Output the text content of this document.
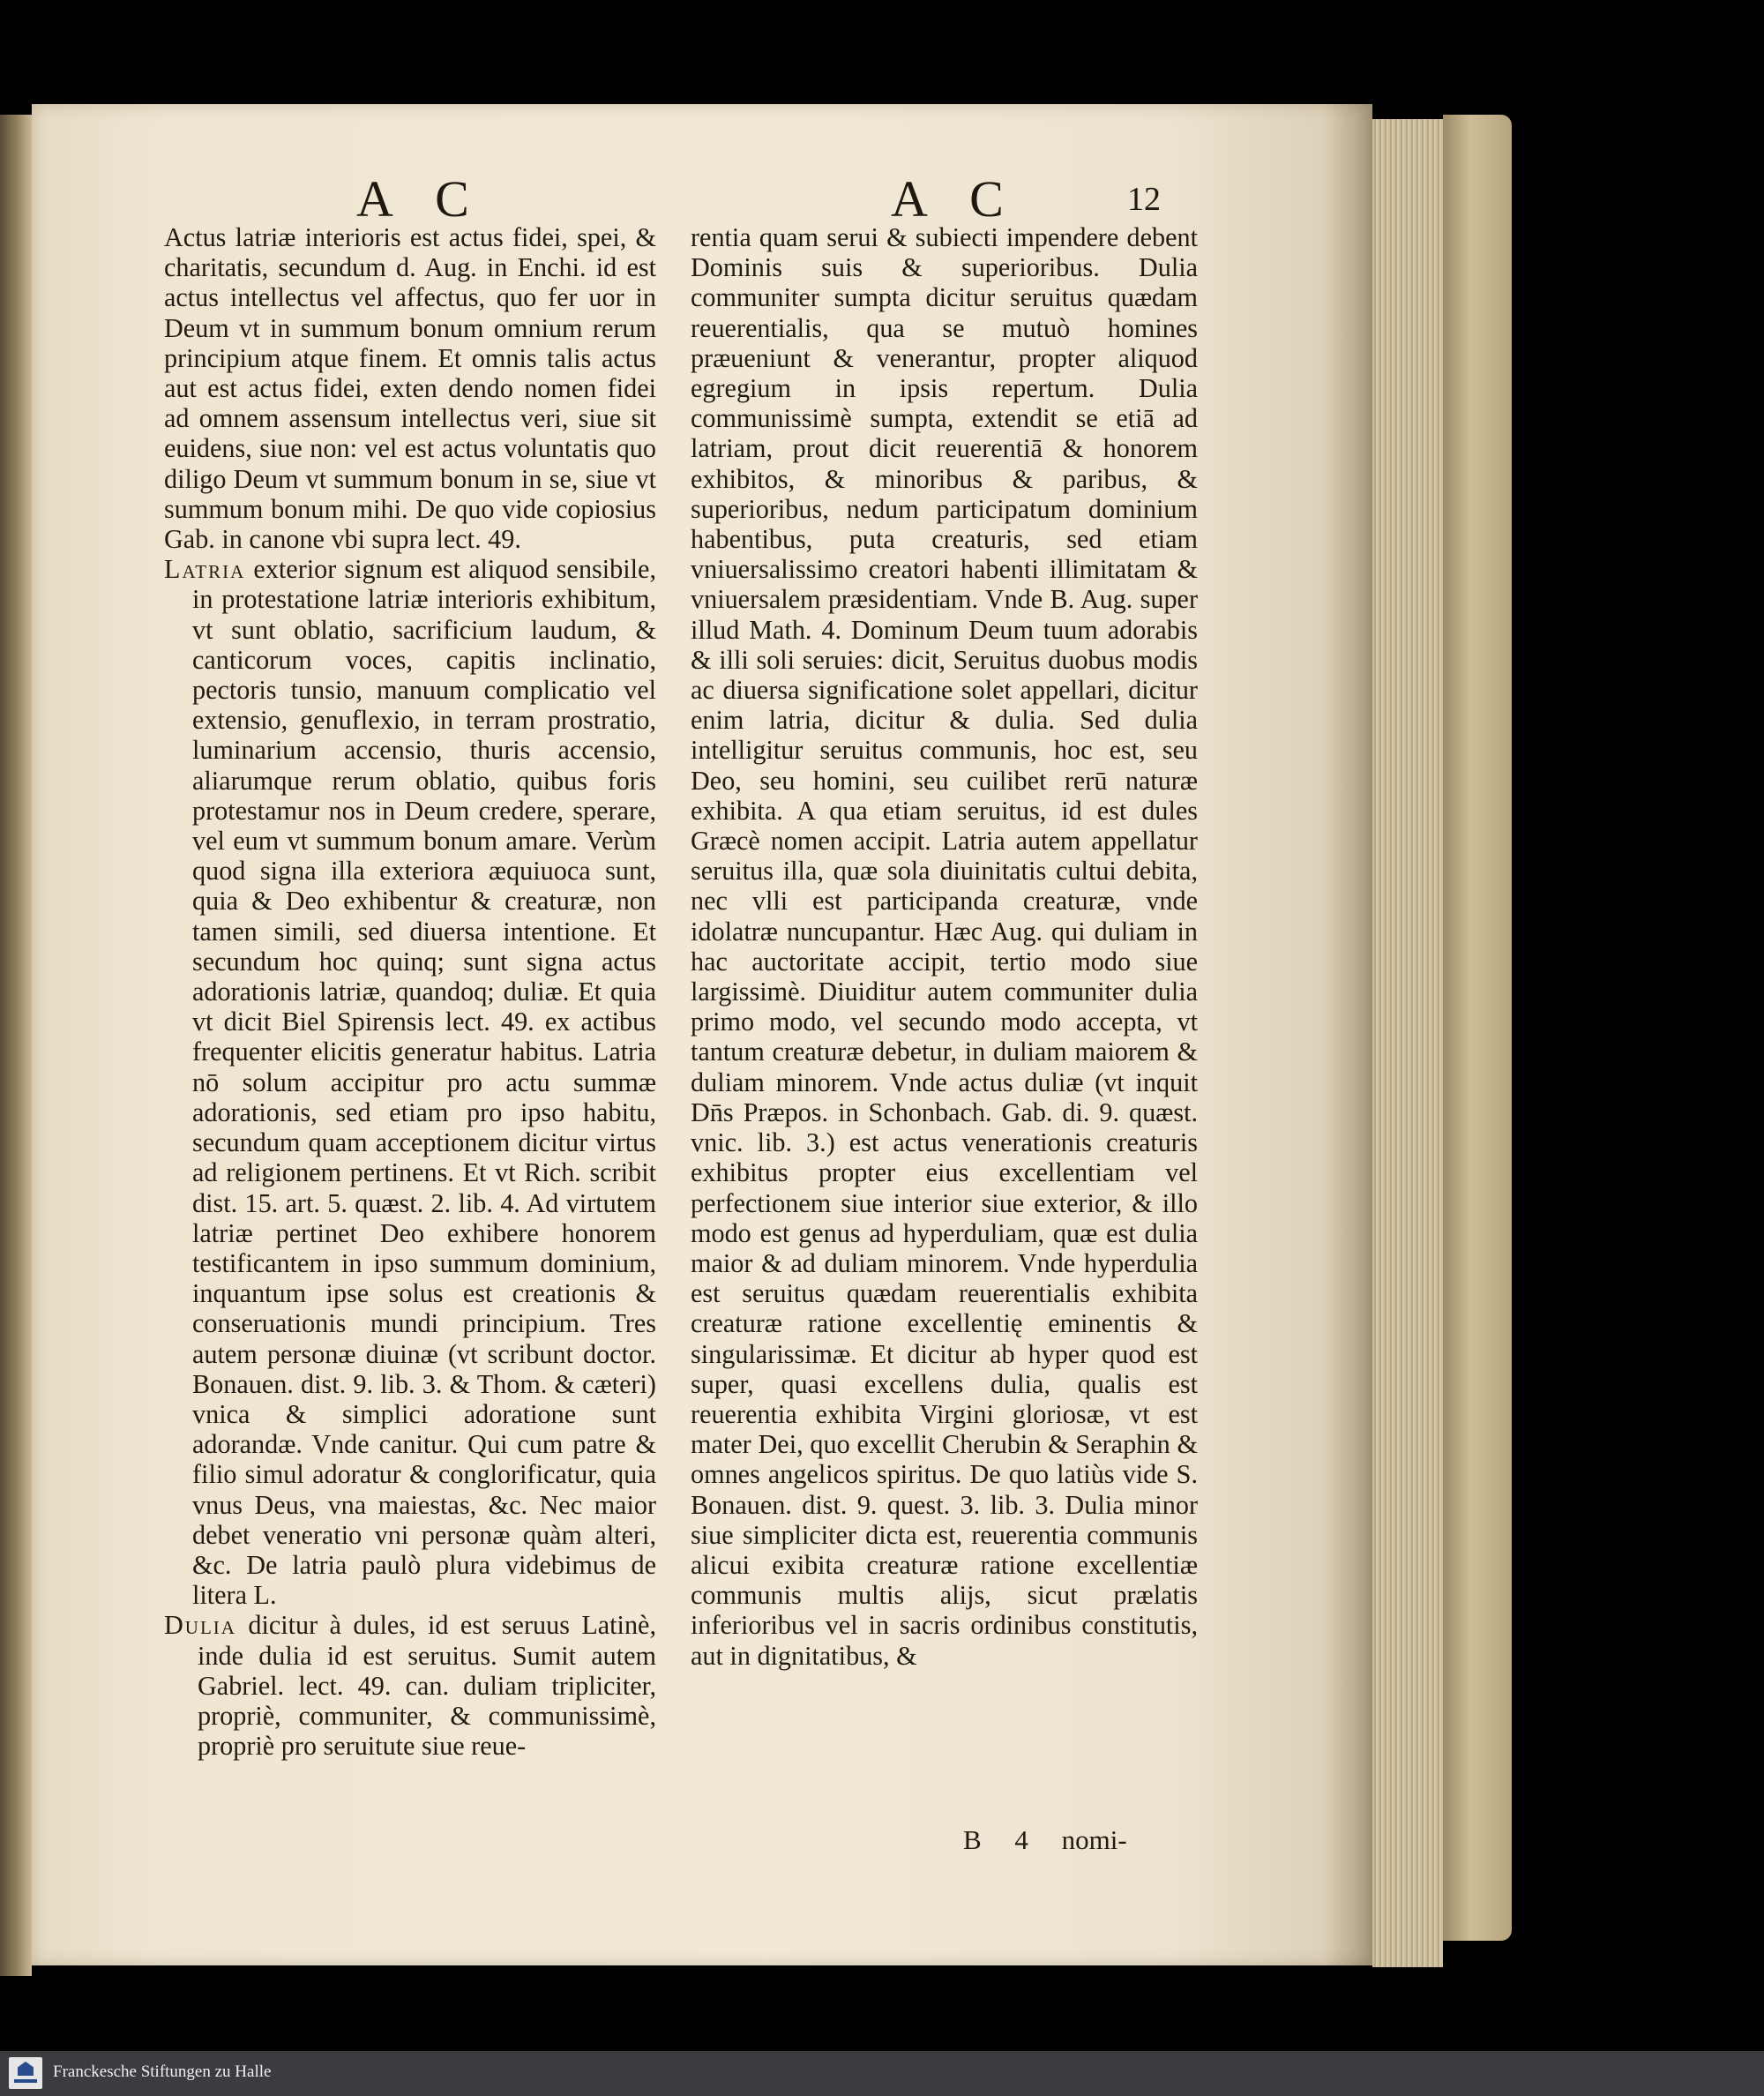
A C	A C	12

Actus latriæ interioris est actus fidei, spei, & charitatis, secundum d. Aug. in Enchi. id est actus intellectus vel affectus, quo fer uor in Deum vt in summum bonum omnium rerum principium atque finem. Et omnis talis actus aut est actus fidei, exten dendo nomen fidei ad omnem assensum intellectus veri, siue sit euidens, siue non: vel est actus voluntatis quo diligo Deum vt summum bonum in se, siue vt summum bonum mihi. De quo vide copiosius Gab. in canone vbi supra lect. 49.

Latria exterior signum est aliquod sensibile, in protestatione latriæ interioris exhibitum, vt sunt oblatio, sacrificium laudum, & canticorum voces, capitis inclinatio, pectoris tunsio, manuum complicatio vel extensio, genuflexio, in terram prostratio, luminarium accensio, thuris accensio, aliarumque rerum oblatio, quibus foris protestamur nos in Deum credere, sperare, vel eum vt summum bonum amare. Verùm quod signa illa exteriora æquiuoca sunt, quia & Deo exhibentur & creaturæ, non tamen simili, sed diuersa intentione. Et secundum hoc quinq; sunt signa actus adorationis latriæ, quandoq; duliæ. Et quia vt dicit Biel Spirensis lect. 49. ex actibus frequenter elicitis generatur habitus. Latria nō solum accipitur pro actu summæ adorationis, sed etiam pro ipso habitu, secundum quam acceptionem dicitur virtus ad religionem pertinens. Et vt Rich. scribit dist. 15. art. 5. quæst. 2. lib. 4. Ad virtutem latriæ pertinet Deo exhibere honorem testificantem in ipso summum dominium, inquantum ipse solus est creationis & conseruationis mundi principium. Tres autem personæ diuinæ (vt scribunt doctor. Bonauen. dist. 9. lib. 3. & Thom. & cæteri) vnica & simplici adoratione sunt adorandæ. Vnde canitur. Qui cum patre & filio simul adoratur & conglorificatur, quia vnus Deus, vna maiestas, &c. Nec maior debet veneratio vni personæ quàm alteri, &c. De latria paulò plura videbimus de litera L.

Dulia dicitur à dules, id est seruus Latinè, inde dulia id est seruitus. Sumit autem Gabriel. lect. 49. can. duliam tripliciter, propriè, communiter, & communissimè, propriè pro seruitute siue reue-

rentia quam serui & subiecti impendere debent Dominis suis & superioribus. Dulia communiter sumpta dicitur seruitus quædam reuerentialis, qua se mutuò homines præueniunt & venerantur, propter aliquod egregium in ipsis repertum. Dulia communissimè sumpta, extendit se etiā ad latriam, prout dicit reuerentiā & honorem exhibitos, & minoribus & paribus, & superioribus, nedum participatum dominium habentibus, puta creaturis, sed etiam vniuersalissimo creatori habenti illimitatam & vniuersalem præsidentiam. Vnde B. Aug. super illud Math. 4. Dominum Deum tuum adorabis & illi soli seruies: dicit, Seruitus duobus modis ac diuersa significatione solet appellari, dicitur enim latria, dicitur & dulia. Sed dulia intelligitur seruitus communis, hoc est, seu Deo, seu homini, seu cuilibet rerū naturæ exhibita. A qua etiam seruitus, id est dules Græcè nomen accipit. Latria autem appellatur seruitus illa, quæ sola diuinitatis cultui debita, nec vlli est participanda creaturæ, vnde idolatræ nuncupantur. Hæc Aug. qui duliam in hac auctoritate accipit, tertio modo siue largissimè. Diuiditur autem communiter dulia primo modo, vel secundo modo accepta, vt tantum creaturæ debetur, in duliam maiorem & duliam minorem. Vnde actus duliæ (vt inquit Dn̄s Præpos. in Schonbach. Gab. di. 9. quæst. vnic. lib. 3.) est actus venerationis creaturis exhibitus propter eius excellentiam vel perfectionem siue interior siue exterior, & illo modo est genus ad hyperduliam, quæ est dulia maior & ad duliam minorem. Vnde hyperdulia est seruitus quædam reuerentialis exhibita creaturæ ratione excellentię eminentis & singularissimæ. Et dicitur ab hyper quod est super, quasi excellens dulia, qualis est reuerentia exhibita Virgini gloriosæ, vt est mater Dei, quo excellit Cherubin & Seraphin & omnes angelicos spiritus. De quo latiùs vide S. Bonauen. dist. 9. quest. 3. lib. 3. Dulia minor siue simpliciter dicta est, reuerentia communis alicui exibita creaturæ ratione excellentiæ communis multis alijs, sicut prælatis inferioribus vel in sacris ordinibus constitutis, aut in dignitatibus, &

B 4 nomi-
Franckesche Stiftungen zu Halle
